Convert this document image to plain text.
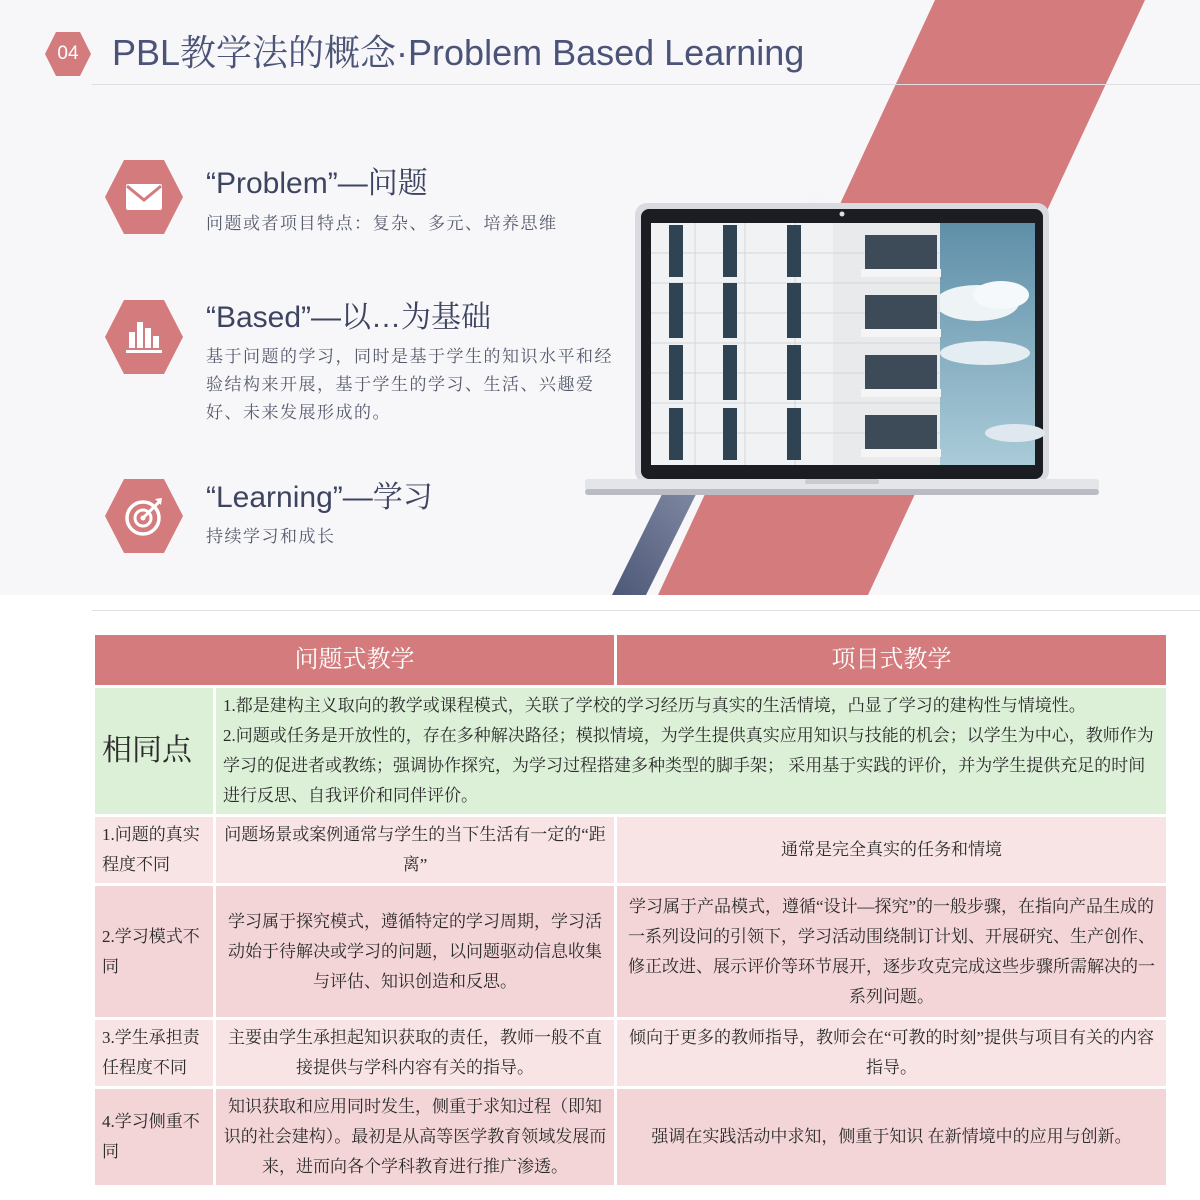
04 PBL教学法的概念·Problem Based Learning
“Problem”—问题
问题或者项目特点：复杂、多元、培养思维
“Based”—以…为基础
基于问题的学习，同时是基于学生的知识水平和经验结构来开展，基于学生的学习、生活、兴趣爱好、未来发展形成的。
“Learning”—学习
持续学习和成长
问题式教学		项目式教学
相同点	1.都是建构主义取向的教学或课程模式，关联了学校的学习经历与真实的生活情境，凸显了学习的建构性与情境性。
2.问题或任务是开放性的，存在多种解决路径；模拟情境，为学生提供真实应用知识与技能的机会；以学生为中心，教师作为学习的促进者或教练；强调协作探究，为学习过程搭建多种类型的脚手架； 采用基于实践的评价，并为学生提供充足的时间进行反思、自我评价和同伴评价。	

1.问题的真实程度不同	问题场景或案例通常与学生的当下生活有一定的“距离”	通常是完全真实的任务和情境
2.学习模式不同	学习属于探究模式，遵循特定的学习周期，学习活动始于待解决或学习的问题，以问题驱动信息收集与评估、知识创造和反思。	学习属于产品模式，遵循“设计—探究”的一般步骤，在指向产品生成的一系列设问的引领下，学习活动围绕制订计划、开展研究、生产创作、修正改进、展示评价等环节展开，逐步攻克完成这些步骤所需解决的一系列问题。
3.学生承担责任程度不同	主要由学生承担起知识获取的责任，教师一般不直接提供与学科内容有关的指导。	倾向于更多的教师指导，教师会在“可教的时刻”提供与项目有关的内容指导。
4.学习侧重不同	知识获取和应用同时发生，侧重于求知过程（即知识的社会建构）。最初是从高等医学教育领域发展而来，进而向各个学科教育进行推广渗透。	强调在实践活动中求知，侧重于知识 在新情境中的应用与创新。
